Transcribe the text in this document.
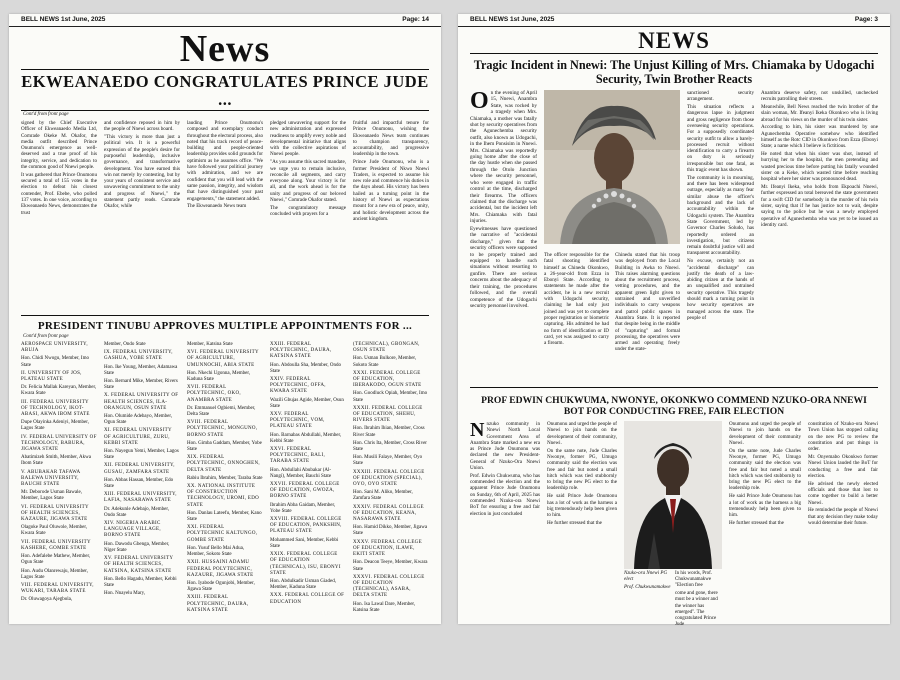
BELL NEWS 1st June, 2025	Page: 14
News
EKWEANAEDO CONGRATULATES PRINCE JUDE ...
Cont'd from front page

signed by the Chief Executive Officer of Ekweanaedo Media Ltd, Comrade Okeke M. Okafor, the media outfit described Prince Onumonu's emergence as well-deserved and a true proof of his integrity, service, and dedication to the common good of Nnewi people.

It was gathered that Prince Onumonu secured a total of 155 votes in the election to defeat his closest contender, Prof. Ebebe, who polled 137 votes. In one voice, according to Ekweanaedo News, demonstrates the trust

and confidence reposed in him by the people of Nnewi across board.

"This victory is more than just a political win. It is a powerful expression of the people's desire for purposeful leadership, inclusive governance, and transformative development. You have earned this win not merely by contesting, but by your years of consistent service and unwavering commitment to the unity and progress of Nnewi," the statement partly reads. Comrade Okafor, while

lauding Prince Onumonu's composed and exemplary conduct throughout the electoral process, also noted that his track record of peace-building and people-oriented leadership provides solid grounds for optimism as he assumes office. "We have followed your political journey with admiration, and we are confident that you will lead with the same passion, integrity, and wisdom that have distinguished your past engagements," the statement added.

The Ekweanaedo News team

pledged unwavering support for the new administration and expressed readiness to amplify every noble and developmental initiative that aligns with the collective aspirations of Nnewi people.

"As you assume this sacred mandate, we urge you to remain inclusive, reconcile all segments, and carry everyone along. Your victory is for all, and the work ahead is for the unity and progress of our beloved Nnewi," Comrade Okafor stated.

The congratulatory message concluded with prayers for a

fruitful and impactful tenure for Prince Onumonu, wishing the Ekweanaedo News team continues to champion transparency, accountability, and progressive leadership in the town.

Prince Jude Onumonu, who is a former President of Nkwo Nnewi Traders, is expected to assume his new role and commence his duties in the days ahead. His victory has been hailed as a turning point in the history of Nnewi as expectations mount for a new era of peace, unity, and holistic development across the ancient kingdom.

PRESIDENT TINUBU APPROVES MULTIPLE APPOINTMENTS FOR ...
Cont'd from front page

AEROSPACE UNIVERSITY, ABUJA

Hon. Chidi Nwogu, Member, Imo State

II. UNIVERSITY OF JOS, PLATEAU STATE

Dr. Felicia Mallak Kareyan, Member, Kwara State

III. FEDERAL UNIVERSITY OF TECHNOLOGY, IKOT-ABASI, AKWA IBOM STATE

Dupe Olayinka Adeniyi, Member, Lagos State

IV. FEDERAL UNIVERSITY OF TECHNOLOGY, BABURA, JIGAWA STATE

Abatimizeh Smith, Member, Akwa Ibom State

V. ABUBAKAR TAFAWA BALEWA UNIVERSITY, BAUCHI STATE

Mr. Deborode Usman Bawale, Member, Lagos State

VI. FEDERAL UNIVERSITY OF HEALTH SCIENCES, KAZAURE, JIGAWA STATE

Olagoke Paul Oluwole, Member, Kwara State

VII. FEDERAL UNIVERSITY KASHERE, GOMBE STATE

Hon. Adefalebe Mathew, Member, Ogun State

Hon. Audu Olanrewaju, Member, Lagos State

VIII. FEDERAL UNIVERSITY, WUKARI, TARABA STATE

Dr. Oluwagoya Ajegbola,

Member, Ondo State

IX. FEDERAL UNIVERSITY, GASHUA, YOBE STATE

Hon. Ike Young, Member, Adamawa State

Hon. Bernard Mike, Member, Rivers State

X. FEDERAL UNIVERSITY OF HEALTH SCIENCES, ILA-ORANGUN, OSUN STATE

Hon. Olumide Adebayo, Member, Ogun State

XI. FEDERAL UNIVERSITY OF AGRICULTURE, ZURU, KEBBI STATE

Hon. Nayegun Yemi, Member, Lagos State

XII. FEDERAL UNIVERSITY, GUSAU, ZAMFARA STATE

Hon. Abbas Hassan, Member, Edo State

XIII. FEDERAL UNIVERSITY, LAFIA, NASARAWA STATE

Dr. Adekunle Adebajo, Member, Ondo State

XIV. NIGERIA ARABIC LANGUAGE VILLAGE, BORNO STATE

Hon. Dawodu Gbenga, Member, Niger State

XV. FEDERAL UNIVERSITY OF HEALTH SCIENCES, KATSINA, KATSINA STATE

Hon. Bello Hagadu, Member, Kebbi State

Hon. Nnayelu Mary,

Member, Katsina State

XVI. FEDERAL UNIVERSITY OF AGRICULTURE, UMUNNOCHI, ABIA STATE

Hon. Nkechi Ugonna, Member, Kaduna State

XVII. FEDERAL POLYTECHNIC, OKO, ANAMBRA STATE

Dr. Emmanuel Ogbiemi, Member, Delta State

XVIII. FEDERAL POLYTECHNIC, MONGUNO, BORNO STATE

Hon. Gimba Gaddam, Member, Yobe State

XIX. FEDERAL POLYTECHNIC, ONNOGHEN, DELTA STATE

Rabiu Ibrahim, Member, Taraba State

XX. NATIONAL INSTITUTE OF CONSTRUCTION TECHNOLOGY, UROMI, EDO STATE

Hon. Danlau Lateefu, Member, Kano State

XXI. FEDERAL POLYTECHNIC KALTUNGO, GOMBE STATE

Hon. Yusuf Bello Mai Adua, Member, Sokoto State

XXII. HUSSAINI ADAMU FEDERAL POLYTECHNIC, KAZAURE, JIGAWA STATE

Hon. Iyabode Ogunjobi, Member, Jigawa State

XXIII. FEDERAL POLYTECHNIC, DAURA, KATSINA STATE

XXIII. FEDERAL POLYTECHNIC, DAURA, KATSINA STATE

Hon. Abdoulla Sha, Member, Ondo State

XXIV. FEDERAL POLYTECHNIC, OFFA, KWARA STATE

Wazili Gbujas Agide, Member, Osun State

XXV. FEDERAL POLYTECHNIC, VOM, PLATEAU STATE

Hon. Barnabas Abdullahi, Member, Kebbi State

XXVI. FEDERAL POLYTECHNIC, BALI, TARABA STATE

Hon. Abdullahi Abubakar (Al-Nangi), Member, Bauchi State

XXVII. FEDERAL COLLEGE OF EDUCATION, GWOZA, BORNO STATE

Ibrahim Abba Gaidam, Member, Yobe State

XXVIII. FEDERAL COLLEGE OF EDUCATION, PANKSHIN, PLATEAU STATE

Mohammed Sani, Member, Kebbi State

XXIX. FEDERAL COLLEGE OF EDUCATION (TECHNICAL), ISU, EBONYI STATE

Hon. Abdulkadir Usman Giaded, Member, Kaduna State

XXX. FEDERAL COLLEGE OF EDUCATION

(TECHNICAL), GBONGAN, OSUN STATE

Hon. Usman Bulkore, Member, Sokoto State

XXXI. FEDERAL COLLEGE OF EDUCATION, IBERAKODO, OGUN STATE

Hon. Goodluck Opiah, Member, Imo State

XXXII. FEDERAL COLLEGE OF EDUCATION, SHEHU, RIVERS STATE

Hon. Ibrahim Ihian, Member, Cross River State

Hon. Chris Ita, Member, Cross River State

Hon. Musili Falaye, Member, Oyo State

XXXIII. FEDERAL COLLEGE OF EDUCATION (SPECIAL), OYO, OYO STATE

Hon. Sani M. Aliko, Member, Zamfara State

XXXIV. FEDERAL COLLEGE OF EDUCATION, KEANA, NASARAWA STATE

Hon. Hamid Dikko, Member, Jigawa State

XXXV. FEDERAL COLLEGE OF EDUCATION, ILAWE, EKITI STATE

Hon. Deacon Teeye, Member, Kwara State

XXXVI. FEDERAL COLLEGE OF EDUCATION (TECHNICAL), ASABA, DELTA STATE

Hon. Isa Lawal Dare, Member, Katsina State

BELL NEWS 1st June, 2025	Page: 3
NEWS
Tragic Incident in Nnewi: The Unjust Killing of Mrs. Chiamaka by Udogachi Security, Twin Brother Reacts
O n the evening of April 15, Nnewi, Anambra State, was rocked by a tragedy when Mrs. Chiamaka, a mother was fatally shot by security operatives from the Agunechemba security outfit, also known as Udogachi, in the Ihem Ponsisim in Nnewi. Mrs. Chiamaka was reportedly going home after the close of the day hustle when she passed through the Otolo Junction where the security personnel, who were engaged in traffic control at the time, discharged their firearms. The officers claimed that the discharge was accidental, but the incident left Mrs. Chiamaka with fatal injuries.

Eyewitnesses have questioned the narrative of "accidental discharge," given that the security officers were supposed to be properly trained and equipped to handle such situations without resorting to gunfire. There are serious concerns about the adequacy of their training, the procedures followed, and the overall competence of the Udogachi security personnel involved.

The officer responsible for the fatal shooting identified himself as Chinedu Okonkwo, a 26-year-old from Ezza in Ebonyi State. According to statements he made after the accident, he is a new recruit with Udogachi security, claiming he had only just joined and was yet to complete proper registration or biometric capturing. His admitted he had no form of identification or ID card, yet was assigned to carry a firearm.

Chinedu stated that his troop was deployed from the Local Building in Awka to Nnewi. This raises alarming questions about the recruitment process, vetting procedures, and the apparent green light given to untrained and unverified individuals to carry weapons and patrol public spaces in Anambra State. It is reported that despite being in the middle of "capturing" and formal processing, the operatives were armed and operating freely under the state-

sanctioned security arrangement.

This situation reflects a dangerous lapse in judgment and gross negligence from those overseeing security operations. For a supposedly coordinated security outfit to allow a barely-processed recruit without identification to carry a firearm on duty is seriously irresponsible but one fatal, as this tragic event has shown.

The community is in mourning, and there has been widespread outrage, especially as many fear similar abuse the officer's background and the lack of accountability within the Udogachi system. The Anambra State Government, led by Governor Charles Soludo, has reportedly ordered an investigation, but citizens remain doubtful justice will and transparent accountability.

No excuse, certainly not an "accidental discharge" can justify the death of a law-abiding citizen at the hands of an unqualified and untrained security operative. This tragedy should mark a turning point in how security operatives are managed across the state. The people of

Anambra deserve safety, not unskilled, unchecked recruits patrolling their streets.

Meanwhile, Bell News reached the twin brother of the slain woman, Mr. Ifeanyi Ikeka Okonkwo who is living abroad for his views on the murder of his twin sister.

According to him, his sister was murdered by one Agunechemba Operative somehow who identified himself as the Rotc CID in Okonkwo from Ezza (Ebonyi State; a name which I believe is fictitious.

He noted that when his sister was shot, instead of hurrying her to the hospital, the men pretending and wasted precious time before putting his fatally wounded sister on a Keke, which wasted time before reaching hospital where her sister was pronounced dead.

Mr. Ifeanyi Ikeka, who holds from Ekpoachi Nnewi, further expressed an total bereaved the state government for a swift CID for somebody in the murder of his twin sister, saying that if he has justice not to wait, despite saying to the police but he was a newly employed operative of Agunechemba who was yet to be issued an identity card.

PROF EDWIN CHUKWUMA, NWONYE, OKONKWO COMMEND NZUKO-ORA NNEWI BOT FOR CONDUCTING FREE, FAIR ELECTION
N nzuko community in Nnewi North Local Government Area of Anambra State marked a new era as Prince Jude Onumonu was declared the new President-General of Nzuko-Ora Nnewi Union.

Prof. Edwin Chukwuma, who has commended the election and the apparent Prince Jude Onumonu on Sunday, 6th of April, 2025 has commended Nzuko-ora Nnewi BoT for ensuring a free and fair election in just concluded

Onumonu and urged the people of Nnewi to join hands on the development of their community, Nnewi.

On the same note, Jude Charles Nwonye, former PG, Umugo community said the election was free and fair but noted a small hitch which was tied stubbornly to bring the new PG elect to the leadership role.

He said Prince Jude Onumonu has a lot of work as the harness a big tremendously help been given to him.

He further stressed that the

Nzuko-ora Nnewi PG elect

Prof. Chukwunamakwe

In his words, Prof. Chukwunamakwe "Election free

come and gone, there must be a winner and the winner has emerged". The congratulated Prince Jude

Onumonu and urged the people of Nnewi to join hands on the development of their community Nnewi.

On the same note, Jude Charles Nwonye, former PG, Umugo community said the election was free and fair but noted a small hitch which was tied stubbornly to bring the new PG elect to the leadership role.

He said Prince Jude Onumonu has a lot of work as the harness a big tremendously help been given to him.

He further stressed that the

constitution of Nzuko-ora Nnewi Town Union has stopped calling on the new PG to review the constitution and put things in order.

Mr. Onyemabo Okonkwo former Nnewi Union lauded the BoT for conducting a free and fair election.

He advised the newly elected officials and those that lost to come together to build a better Nnewi.

He reminded the people of Nnewi that any decision they make today would determine their future.
